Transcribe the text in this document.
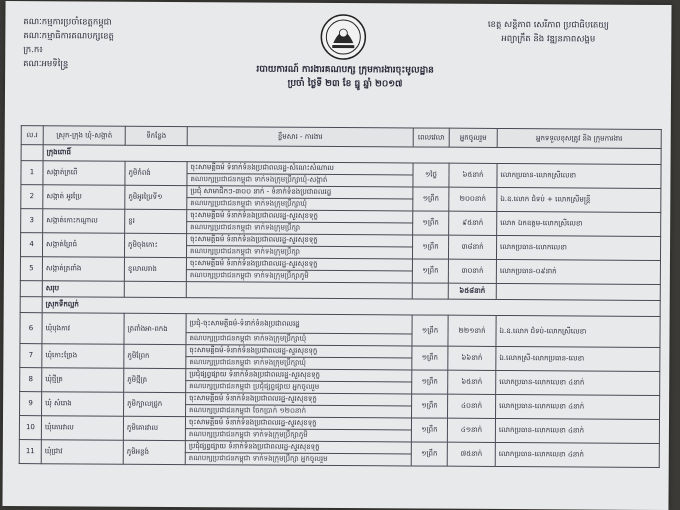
គណៈកម្មការប្រចាំខេត្តកម្ពុជា
គណៈកម្មាធិការគណបក្សខេត្ត
ក្រ.ក៖
គណៈអមទិន្ទ្រៃ
ខេត្ត សន្តិភាព សេរីភាព ប្រជាធិបតេយ្យ
អព្យាក្រឹត និង វឌ្ឍនភាពសង្គម
របាយការណ៍ ការងារគណបក្ស ក្រុមការងារចុះមូលដ្ឋាន
ប្រចាំ ថ្ងៃទី ២៣ ខែ ធ្នូ ឆ្នាំ ២០១៧
ល.រ	ស្រុក-ក្រុង ឃុំ-សង្កាត់	ទីកន្លែង	ខ្លឹមសារ - ការងារ	ពេលវេលា	អ្នកចូលរួម	អ្នកទទួលខុសត្រូវ និង ក្រុមការងារ
	ក្រុងពោធិ៍					
1	សង្កាត់ក្រពើ	ភូមិកំពង់	ចុះសាមគ្គីធម៌ ទំនាក់ទំនងប្រជាពលរដ្ឋ-សំណេះសំណាល	១ថ្ងៃ	៦៥នាក់	លោកប្រធាន-លោកស្រីលេខា
			គណបក្សប្រជាជនកម្ពុជា ទាក់ទងក្រុមប្រឹក្សាឃុំ-សង្កាត់			
2	សង្កាត់ អូរប្រៃ	ភូមិអូរប្រៃទី១	ប្រជុំ សាមាជិកៗ-៣០០ នាក់ - ទំនាក់ទំនងប្រជាពលរដ្ឋ	១ព្រឹក	២០០នាក់	ឯ.ឧ.លោក ជំទប់ + លោកស្រីមន្ត្រី
			គណបក្សប្រជាជនកម្ពុជា ទាក់ទងក្រុមប្រឹក្សាឃុំ			
3	សង្កាត់កោះកណ្ដាល	ខ្ចរ	ចុះសាមគ្គីធម៌ ទំនាក់ទំនងប្រជាពលរដ្ឋ-សួរសុខទុក្ខ	១ព្រឹក	៩៥នាក់	លោក ឯកឧត្តម-លោកស្រីលេខា
			គណបក្សប្រជាជនកម្ពុជា ទាក់ទងក្រុមប្រឹក្សា			
4	សង្កាត់ព្រៃធំ	ភូមិចុងកោះ	ចុះសាមគ្គីធម៌ ទំនាក់ទំនងប្រជាពលរដ្ឋ-សួរសុខទុក្ខ	១ព្រឹក	៣៨នាក់	លោកប្រធាន-លោកលេខា
			គណបក្សប្រជាជនកម្ពុជា ទាក់ទងក្រុមប្រឹក្សា			
5	សង្កាត់ត្រពាំង	ខូលាលរាង	ចុះសាមគ្គីធម៌ ទំនាក់ទំនងប្រជាពលរដ្ឋ-សួរសុខទុក្ខ	១ព្រឹក	៣០នាក់	លោកប្រធាន-០៩នាក់
			គណបក្សប្រជាជនកម្ពុជា ទាក់ទងក្រុមប្រឹក្សាភូមិ			
	សរុប				៦៥៨នាក់	
	ស្រុកទឹកល្អក់					
6	ឃុំបុងកាវ	ត្រពាំងអា-ពកង	ប្រជុំ-ចុះសាមគ្គីធម៌-ទំនាក់ទំនងប្រជាពលរដ្ឋ	១ព្រឹក	២២១នាក់	ឯ.ឧ.លោក ជំទប់-លោកស្រីលេខា
			គណបក្សប្រជាជនកម្ពុជា ទាក់ទងក្រុមប្រឹក្សាឃុំ			
7	ឃុំកោះច្រែង	ភូមិព្រែក	ចុះសាមគ្គីធម៌-ទំនាក់ទំនងប្រជាពលរដ្ឋ-សួរសុខទុក្ខ	១ព្រឹក	៦៦នាក់	ឯ.លោកស្រី-លោកប្រធាន-លេខា
			គណបក្សប្រជាជនកម្ពុជា ទាក់ទងក្រុមប្រឹក្សាឃុំ			
8	ឃុំថ្មីត្រ	ភូមិថ្មីត្រ	ប្រជុំផ្សព្វផ្សាយ ទំនាក់ទំនងប្រជាពលរដ្ឋ-សួរសុខទុក្ខ	១ព្រឹក	៦៥នាក់	លោកប្រធាន-លោកលេខា ៤នាក់
			គណបក្សប្រជាជនកម្ពុជា ប្រជុំផ្សព្វផ្សាយ អ្នកចូលរួម			
9	ឃុំ សំរោង	ភូមិក្បាលជ្រូក	ចុះសាមគ្គីធម៌ ទំនាក់ទំនងប្រជាពលរដ្ឋ-សួរសុខទុក្ខ	១ព្រឹក	៤០នាក់	លោកប្រធាន-លោកលេខា ៤នាក់
			គណបក្សប្រជាជនកម្ពុជា ចែកប្រាក់ ១២០នាក់			
10	ឃុំគោរវាល	ភូមិគោរវាល	ចុះសាមគ្គីធម៌ ទំនាក់ទំនងប្រជាពលរដ្ឋ-សួរសុខទុក្ខ	១ព្រឹក	៤១នាក់	លោកប្រធាន-លោកលេខា ៤នាក់
			គណបក្សប្រជាជនកម្ពុជា ទាក់ទងក្រុមប្រឹក្សាភូមិ			
11	ឃុំជ្រាវ	ភូមិអន្លង់	ប្រជុំផ្សព្វផ្សាយ ទំនាក់ទំនងប្រជាពលរដ្ឋ-សួរសុខទុក្ខ	១ព្រឹក	៧៥នាក់	លោកប្រធាន-លោកលេខា ៤នាក់
			គណបក្សប្រជាជនកម្ពុជា ទាក់ទងក្រុមប្រឹក្សា អ្នកចូលរួម			
